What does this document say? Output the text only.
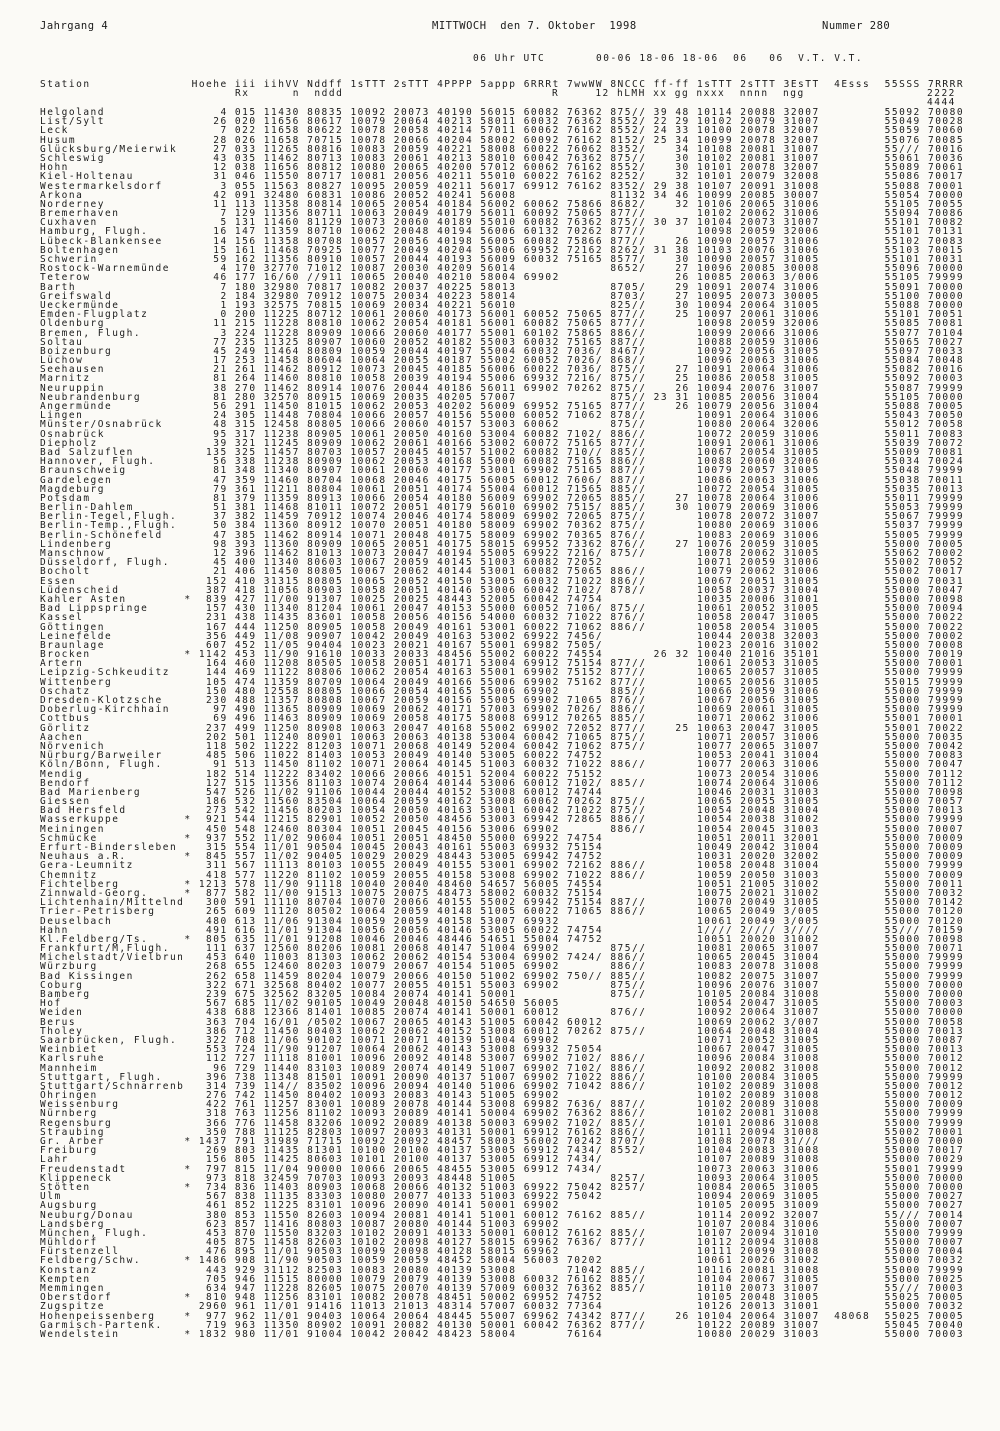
Jahrgang 4	MITTWOCH  den 7. Oktober  1998	Nummer 280

06 Uhr UTC

	00-06 18-06 18-06  06   06  V.T. V.T.

Station              Hoehe iii iihVV Nddff 1sTTT 2sTTT 4PPPP 5appp 6RRRt 7wwWW 8NCCC ff-ff 1sTTT 2sTTT 3EsTT  4Esss  55SSS 7RRRR

Rx      n  nddd

	R     12 hLMH xx gg nxxx  nnnn  ngg

	2222

4444

Helgoland                4 015 11430 80835 10092 20073 40190 56015 60082 76362 875// 39 48 10114 20088 32007         55092 70080
List/Sylt               26 020 11656 80617 10079 20064 40213 58011 60032 76362 8552/ 22 29 10102 20079 31007         55049 70028
Leck                     7 022 11658 80622 10078 20058 40214 57011 60062 76162 8552/ 24 33 10100 20078 32007         55059 70060
Husum                   28 026 11658 70715 10078 20066 40204 58002 60092 76162 8152/ 25 34 10099 20078 32007         55076 70085
Glücksburg/Meierwik     27 033 11265 80816 10083 20059 40221 58008 60022 76062 8352/    34 10108 20081 31007         55/// 70016
Schleswig               43 035 11462 80713 10083 20061 40213 58010 60042 76362 875//    30 10102 20081 31007         55061 70036
Hohn                    12 038 11656 80812 10080 20065 40200 57012 60062 76162 8552/    30 10101 20078 32007         55089 70061
Kiel-Holtenau           31 046 11550 80717 10081 20056 40211 55010 60022 76162 8252/    32 10101 20079 32008         55086 70017
Westermarkelsdorf        3 055 11563 80827 10095 20059 40211 56017 69912 76162 8352/ 29 38 10107 20091 31008         55088 70001
Arkona                  42 091 32480 60831 10086 20052 40241 56008             81132 34 46 10099 20085 30007         55054 70000
Norderney               11 113 11358 80814 10065 20054 40184 56002 60062 75866 8682/    32 10106 20065 31006         55105 70055
Bremerhaven              7 129 11356 80711 10063 20049 40179 56011 60092 75065 877//       10102 20062 31006         55094 70086
Cuxhaven                 5 131 11460 81129 10073 20060 40189 55010 60082 76362 875// 30 37 10104 20073 31007         55101 70082
Hamburg, Flugh.         16 147 11359 80710 10062 20048 40194 56006 60132 70262 877//       10098 20059 32006         55101 70131
Lübeck-Blankensee       14 156 11358 80708 10057 20056 40198 56005 60082 75866 877//    26 10090 20057 31006         55102 70083
Boltenhagen             15 161 11468 70925 10077 20049 40204 55006 69952 72162 8262/ 31 38 10103 20076 31006         55103 70015
Schwerin                59 162 11356 80910 10057 20044 40193 56009 60032 75165 8577/    30 10090 20057 31005         55101 70031
Rostock-Warnemünde       4 170 32770 71012 10087 20030 40209 56014             8652/    27 10096 20085 30008         55096 70000
Teterow                 46 177 16/60 //911 10065 20040 40210 58004 69902                26 10085 20063 3/006         55105 79999
Barth                    7 180 32980 70817 10082 20037 40225 58013             8705/    29 10091 20074 31006         55091 70000
Greifswald               2 184 32980 70912 10075 20034 40223 58014             8703/    27 10095 20073 30005         55100 70000
Ueckermünde              1 193 32575 70815 10069 20034 40221 56010             825//    30 10094 20064 31005         55088 70000
Emden-Flugplatz          0 200 11225 80712 10061 20060 40173 56001 60052 75065 877//    25 10097 20061 31006         55101 70051
Oldenburg               11 215 11228 80810 10062 20054 40181 56001 60082 75065 877//       10098 20059 32006         55085 70081
Bremen, Flugh.           3 224 11228 80909 10066 20060 40177 55001 60102 75865 886//       10099 20066 31006         55077 70104
Soltau                  77 235 11325 80907 10060 20052 40182 55003 60032 75165 887//       10088 20059 31006         55065 70027
Boizenburg              45 249 11464 80809 10059 20044 40197 55004 60032 7036/ 8467/       10092 20056 31005         55097 70033
Lüchow                  17 253 11458 80604 10064 20055 40187 55002 60052 7026/ 868//       10096 20063 31006         55084 70048
Seehausen               21 261 11462 80912 10073 20045 40185 56006 60022 7036/ 875//    27 10091 20064 31006         55082 70016
Marnitz                 81 264 11460 80810 10058 20039 40194 55006 69932 7216/ 875//    25 10086 20058 31005         55092 70003
Neuruppin               38 270 11462 80914 10076 20044 40186 56011 69902 70262 875//    26 10094 20076 31007         55087 79999
Neubrandenburg          81 280 32570 80915 10069 20035 40205 57007             875// 23 31 10085 20056 31004         55105 70000
Angermünde              56 291 11450 81015 10062 20053 40202 56009 69952 75165 877//    26 10079 20056 31004         55088 70005
Lingen                  24 305 11448 70804 10066 20057 40156 55000 60052 71062 878//       10091 20064 31006         55043 70050
Münster/Osnabrück       48 315 12458 80805 10066 20060 40157 53003 60062       875//       10080 20064 32006         55012 70058
Osnabrück               95 317 11238 80905 10061 20050 40160 53004 60082 7102/ 886//       10072 20059 31006         55011 70083
Diepholz                39 321 11245 80909 10062 20061 40166 53002 60072 75165 877//       10091 20061 31006         55039 70072
Bad Salzuflen          135 325 11457 80703 10057 20045 40157 51002 60082 710// 885//       10067 20054 31005         55009 70081
Hannover, Flugh.        56 338 11238 80909 10062 20053 40168 55000 60082 75165 886//       10088 20060 32006         55034 70024
Braunschweig            81 348 11340 80907 10061 20060 40177 53001 69902 75165 887//       10079 20057 31005         55048 79999
Gardelegen              47 359 11460 80704 10068 20046 40175 56005 60012 7606/ 887//       10086 20063 31006         55038 70011
Magdeburg               79 361 11211 80804 10061 20051 40174 55004 60012 71565 885//       10072 20054 31005         55035 70013
Potsdam                 81 379 11359 80913 10066 20054 40180 56009 69902 72065 885//    27 10078 20064 31006         55011 79999
Berlin-Dahlem           51 381 11468 81011 10072 20051 40179 56010 69902 7515/ 885//    30 10079 20069 31006         55053 79999
Berlin-Tegel,Flugh.     37 382 11459 70912 10074 20046 40174 58009 69902 72065 875//       10078 20072 31007         55067 79999
Berlin-Temp.,Flugh.     50 384 11360 80912 10070 20051 40180 58009 69902 70362 875//       10080 20069 31006         55037 79999
Berlin-Schönefeld       47 385 11462 80914 10071 20048 40175 58009 69902 70365 876//       10083 20069 31006         55005 79999
Lindenberg              98 393 11360 80909 10065 20051 40175 58015 69952 73362 876//    27 10076 20059 31005         55000 70005
Manschnow               12 396 11462 81013 10073 20047 40194 55005 69922 7216/ 875//       10078 20062 31005         55062 70002
Düsseldorf, Flugh.      45 400 11340 80603 10067 20059 40145 51003 60082 72052             10071 20059 31006         55002 70052
Bocholt                 21 406 11450 80805 10067 20062 40144 53001 60082 75065 886//       10079 20062 31006         55002 70017
Essen                  152 410 31315 80805 10065 20052 40150 53005 60032 71022 886//       10067 20051 31005         55000 70031
Lüdenscheid            387 418 11056 80903 10058 20051 40146 53006 60042 7102/ 878//       10058 20037 31004         55000 70047
Kahler Asten        *  839 427 11/00 91307 10025 20025 48443 52005 60042 74754             10035 20006 31001         55000 70098
Bad Lippspringe        157 430 11340 81204 10061 20047 40153 55000 60052 7106/ 875//       10061 20052 31005         55000 70094
Kassel                 231 438 11435 83601 10058 20056 40156 54000 60032 71022 876//       10058 20047 31005         55000 70022
Göttingen              167 444 11250 80905 10058 20049 40161 53001 60022 71062 886//       10058 20054 31005         55000 70022
Leinefelde             356 449 11/08 90907 10042 20049 40163 53002 69922 7456/             10044 20038 32003         55000 70002
Braunlage              607 452 11/05 90404 10023 20021 40167 55001 69982 7505/             10023 20016 31002         55000 70008
Brocken             * 1142 453 11/90 91610 10033 20033 48456 55002 60022 74554       26 32 10040 21016 35101         55000 70019
Artern                 164 460 11208 80505 10058 20051 40171 53004 69912 75154 877//       10061 20053 31005         55000 70001
Leipzig-Schkeuditz     144 469 11122 80806 10062 20054 40163 55001 69902 75152 877//       10065 20057 31005         55000 79999
Wittenberg             105 474 11359 80709 10064 20049 40166 55006 69902 75162 877//       10065 20056 31005         55015 79999
Oschatz                150 480 12558 80805 10066 20054 40165 55006 69902       885//       10066 20059 31006         55000 79999
Dresden-Klotzsche      230 488 11357 80808 10067 20059 40156 55005 69902 71065 876//       10067 20056 31005         55000 79999
Doberlug-Kirchhain      97 490 11365 80909 10069 20062 40171 57003 69902 7026/ 886//       10069 20061 31005         55000 79999
Cottbus                 69 496 11463 80909 10069 20058 40175 58008 69912 70265 885//       10071 20062 31006         55001 70001
Görlitz                237 499 11250 80908 10063 20047 40168 55002 69902 72052 877//    25 10063 20047 31005         55001 70022
Aachen                 202 501 11240 80901 10063 20063 40138 53004 60042 71065 875//       10071 20057 31006         55000 70035
Nörvenich              118 502 11222 81203 10071 20068 40149 52004 60042 71062 875//       10077 20065 31007         55000 70042
Nürburg/Barweiler      485 506 11022 81403 10053 20049 40140 53005 60022 74752             10053 20041 31004         55000 70083
Köln/Bonn, Flugh.       91 513 11450 81102 10071 20064 40145 51003 60032 71022 886//       10077 20063 31006         55000 70047
Mendig                 182 514 11222 83402 10066 20066 40151 52004 60022 75152             10073 20054 31006         55000 70112
Bendorf                127 515 11356 81103 10074 20064 40144 53006 60012 7102/ 885//       10074 20064 31006         55000 70112
Bad Marienberg         547 526 11/02 91106 10044 20044 40152 53008 60012 74744             10046 20031 31003         55000 70098
Giessen                186 532 11560 83504 10064 20059 40162 53008 60062 70262 875//       10065 20055 31005         55000 70057
Bad Hersfeld           273 542 11456 80203 10054 20050 40163 53001 60042 71022 875//       10054 20048 31004         55000 70013
Wasserkuppe         *  921 544 11215 82901 10052 20050 48456 53003 69942 72865 886//       10054 20038 31002         55000 79999
Meiningen              450 548 12460 80304 10051 20045 40156 53006 69902       886//       10054 20045 31003         55000 70007
Schmücke            *  937 552 11/02 90604 10051 20051 48450 55000 69922 74754             10051 20011 32001         55000 70009
Erfurt-Bindersleben    315 554 11/01 90504 10045 20043 40161 55003 69932 75154             10049 20042 31004         55000 70009
Neuhaus a.R.        *  845 557 11/02 90405 10029 20029 48443 53005 69942 74752             10031 20020 32002         55000 70009
Gera-Leumnitz          311 567 11113 80103 10055 20049 40155 53001 69902 72162 886//       10058 20048 31004         55000 79999
Chemnitz               418 577 11220 81102 10059 20055 40158 53008 69902 71022 886//       10059 20050 31003         55000 70009
Fichtelberg         * 1213 578 11/90 91118 10040 20040 48460 54657 56005 74554             10051 21005 31002         55000 70011
Zinnwald-Georg.     *  877 582 11/00 91513 10075 20075 48473 58002 60032 75154             10075 20021 31002         55000 70032
Lichtenhain/Mittelnd   300 591 11110 80704 10070 20066 40155 55002 69942 75154 887//       10070 20049 31005         55000 70142
Trier-Petrisberg       265 609 11120 80502 10064 20059 40148 51005 60022 71065 886//       10065 20049 3/005         55000 70120
Deuselbach             480 613 11/06 91304 10059 20059 40158 53007 69932                   10061 20049 3/005         55000 70120
Hahn                   491 616 11/01 91304 10056 20056 40146 53005 60022 74754             1//// 2//// 3////         55/// 70159
Kl.Feldberg/Ts.     *  805 635 11/01 91208 10046 20046 48446 54651 55004 74752             10051 20020 31002         55000 70098
Frankfurt/M,Flugh.     111 637 12560 80206 10081 20068 40147 51004 69902       875//       10081 20065 31007         55000 70071
Michelstadt/Vielbrun   453 640 11003 81303 10062 20062 40154 53004 69902 7424/ 886//       10065 20045 31004         55000 79999
Würzburg               268 655 12460 80203 10079 20067 40154 51005 69902       886//       10083 20078 31008         55000 79999
Bad Kissingen          262 658 11459 80204 10079 20066 40150 51002 69902 750// 885//       10082 20075 31007         55000 79999
Coburg                 322 671 32568 80402 10077 20055 40151 55003 69902       875//       10096 20076 31007         55000 70000
Bamberg                239 675 32562 83205 10084 20074 40141 50001             875//       10105 20084 31008         55000 70000
Hof                    567 685 11/02 90105 10049 20048 40150 54650 56005                   10054 20047 31005         55000 70003
Weiden                 438 688 12366 81401 10085 20074 40141 50001 60012       876//       10092 20064 31007         55000 70000
Berus                  363 704 16/01 /0502 10067 20065 40143 51005 60042 60012             10069 20062 3/007         55000 70058
Tholey                 386 712 11450 80403 10062 20062 40152 53008 60012 70262 875//       10064 20048 31004         55000 70013
Saarbrücken, Flugh.    322 708 11/06 90102 10071 20071 40139 51004 69902                   10071 20052 31005         55000 70087
Weinbiet               553 724 11/90 91207 10064 20062 40143 53008 69932 75054             10067 20047 31005         55000 70013
Karlsruhe              112 727 11118 81001 10096 20092 40148 53007 69902 7102/ 886//       10096 20084 31008         55000 70012
Mannheim                96 729 11440 83103 10089 20074 40149 51007 69902 7102/ 886//       10092 20082 31008         55000 70012
Stuttgart, Flugh.      396 738 11348 81501 10091 20090 40137 51007 69902 71022 886//       10100 20084 31005         55000 79999
Stuttgart/Schnarrenb   314 739 114// 83502 10096 20094 40140 51006 69902 71042 886//       10102 20089 31008         55000 70012
Öhringen               276 742 11450 80402 10093 20083 40143 51005 69902                   10102 20089 31008         55000 70012
Weissenburg            422 761 11257 83001 10089 20078 40144 53008 69982 7636/ 887//       10102 20089 31008         55000 70009
Nürnberg               318 763 11256 81102 10093 20089 40141 50004 69902 76362 886//       10102 20081 31008         55000 79999
Regensburg             366 776 11458 83206 10092 20089 40138 50003 69902 7102/ 885//       10101 20086 31008         55000 79999
Straubing              350 788 11125 82803 10097 20093 40131 50001 69912 76162 886//       10111 20094 31008         55002 70001
Gr. Arber           * 1437 791 31989 71715 10092 20092 48457 58003 56002 70242 8707/       10108 20078 31///         55000 70000
Freiburg               269 803 11435 81301 10100 20100 40137 53005 69912 7434/ 8552/       10104 20083 31008         55000 70017
Lahr                   156 805 11425 80603 10101 20100 40137 53005 69912 7434/             10107 20089 31008         55000 70029
Freudenstadt        *  797 815 11/04 90000 10066 20065 48455 53005 69912 7434/             10073 20063 31006         55001 79999
Klippeneck             973 818 32459 70703 10093 20093 48448 51005             8257/       10093 20064 31005         55000 70000
Stötten             *  734 836 11403 80903 10068 20066 40132 51003 69922 75042 8257/       10084 20065 31005         55000 70000
Ulm                    567 838 11135 83303 10080 20077 40133 51003 69922 75042             10094 20069 31005         55000 70027
Augsburg               461 852 11225 83101 10096 20090 40141 50001 69902                   10105 20095 31009         55000 70027
Neuburg/Donau          380 853 11550 82603 10094 20081 40141 51001 60012 76162 885//       10114 20092 32007         55/// 70014
Landsberg              623 857 11416 80803 10087 20080 40144 51003 69902                   10107 20084 31006         55000 70007
München, Flugh.        453 870 11550 83203 10102 20091 40133 50001 60012 76162 885//       10107 20094 31010         55000 79999
Mühldorf               405 875 11458 82603 10102 20098 40127 58015 69962 7636/ 877//       10112 20094 31008         55000 70007
Fürstenzell            476 895 11/01 90503 10099 20098 40128 58015 69962                   10111 20099 31008         55000 70004
Feldberg/Schw.      * 1486 908 11/90 90503 10059 20059 48452 58004 56003 70202             10061 20026 31002         55000 70032
Konstanz               443 929 31112 82503 10083 20080 40139 53008       71042 885//       10116 20081 31008         55000 79999
Kempten                705 946 11515 80000 10079 20079 40139 53008 60032 76162 885//       10104 20067 31005         55000 70025
Memmingen              634 947 11228 82605 10075 20070 40139 57009 60032 76362 885//       10110 20073 31007         55/// 70003
Oberstdorf          *  810 948 11256 83101 10082 20078 48451 50002 69952 74752             10105 20048 31005         55025 70005
Zugspitze             2960 961 11/01 91416 11013 21013 48314 57007 60032 77364             10126 20013 31001         55000 70032
Hohenpeissenberg    *  977 962 11/01 90403 10064 20064 48445 55007 69962 74342 877//    26 10104 20064 31007  48068  55025 70005
Garmisch-Partenk.      719 963 11350 80902 10091 20082 40130 50001 60042 76362 877//       10122 20089 31007         55045 70040
Wendelstein         * 1832 980 11/01 91004 10042 20042 48423 58004       76164             10080 20029 31003         55000 70003
